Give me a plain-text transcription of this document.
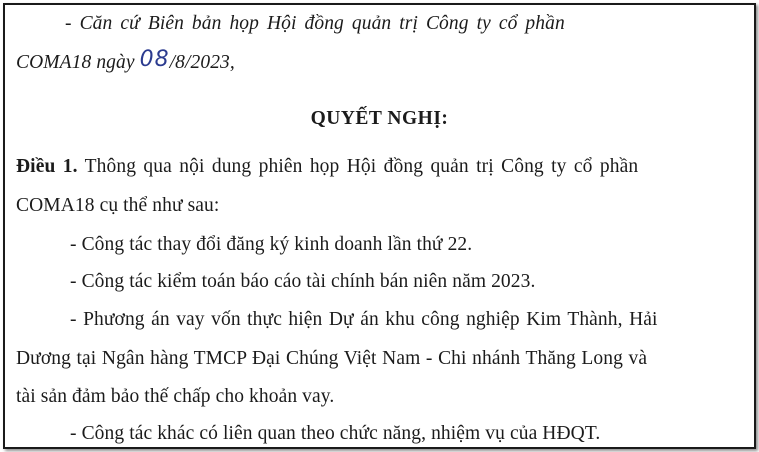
- Căn cứ Biên bản họp Hội đồng quản trị Công ty cổ phần
COMA18 ngày 08/8/2023,
QUYẾT NGHỊ:
Điều 1. Thông qua nội dung phiên họp Hội đồng quản trị Công ty cổ phần
COMA18 cụ thể như sau:
- Công tác thay đổi đăng ký kinh doanh lần thứ 22.
- Công tác kiểm toán báo cáo tài chính bán niên năm 2023.
- Phương án vay vốn thực hiện Dự án khu công nghiệp Kim Thành, Hải
Dương tại Ngân hàng TMCP Đại Chúng Việt Nam - Chi nhánh Thăng Long và
tài sản đảm bảo thế chấp cho khoản vay.
- Công tác khác có liên quan theo chức năng, nhiệm vụ của HĐQT.
